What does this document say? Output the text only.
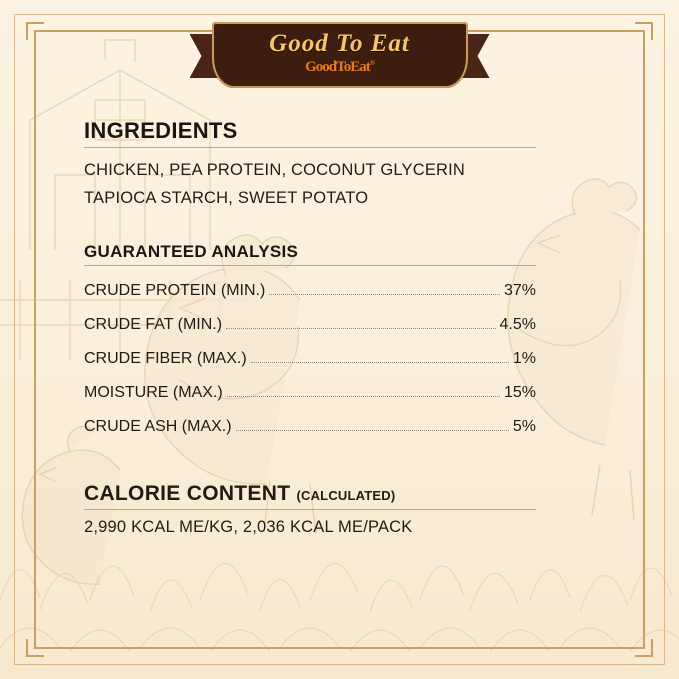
Good To Eat
GoodToEat®
INGREDIENTS
CHICKEN, PEA PROTEIN, COCONUT GLYCERIN
TAPIOCA STARCH, SWEET POTATO
GUARANTEED ANALYSIS
CRUDE PROTEIN (MIN.)	37%
CRUDE FAT (MIN.)	4.5%
CRUDE FIBER (MAX.)	1%
MOISTURE (MAX.)	15%
CRUDE ASH (MAX.)	5%
CALORIE CONTENT (CALCULATED)
2,990 KCAL ME/KG, 2,036 KCAL ME/PACK
